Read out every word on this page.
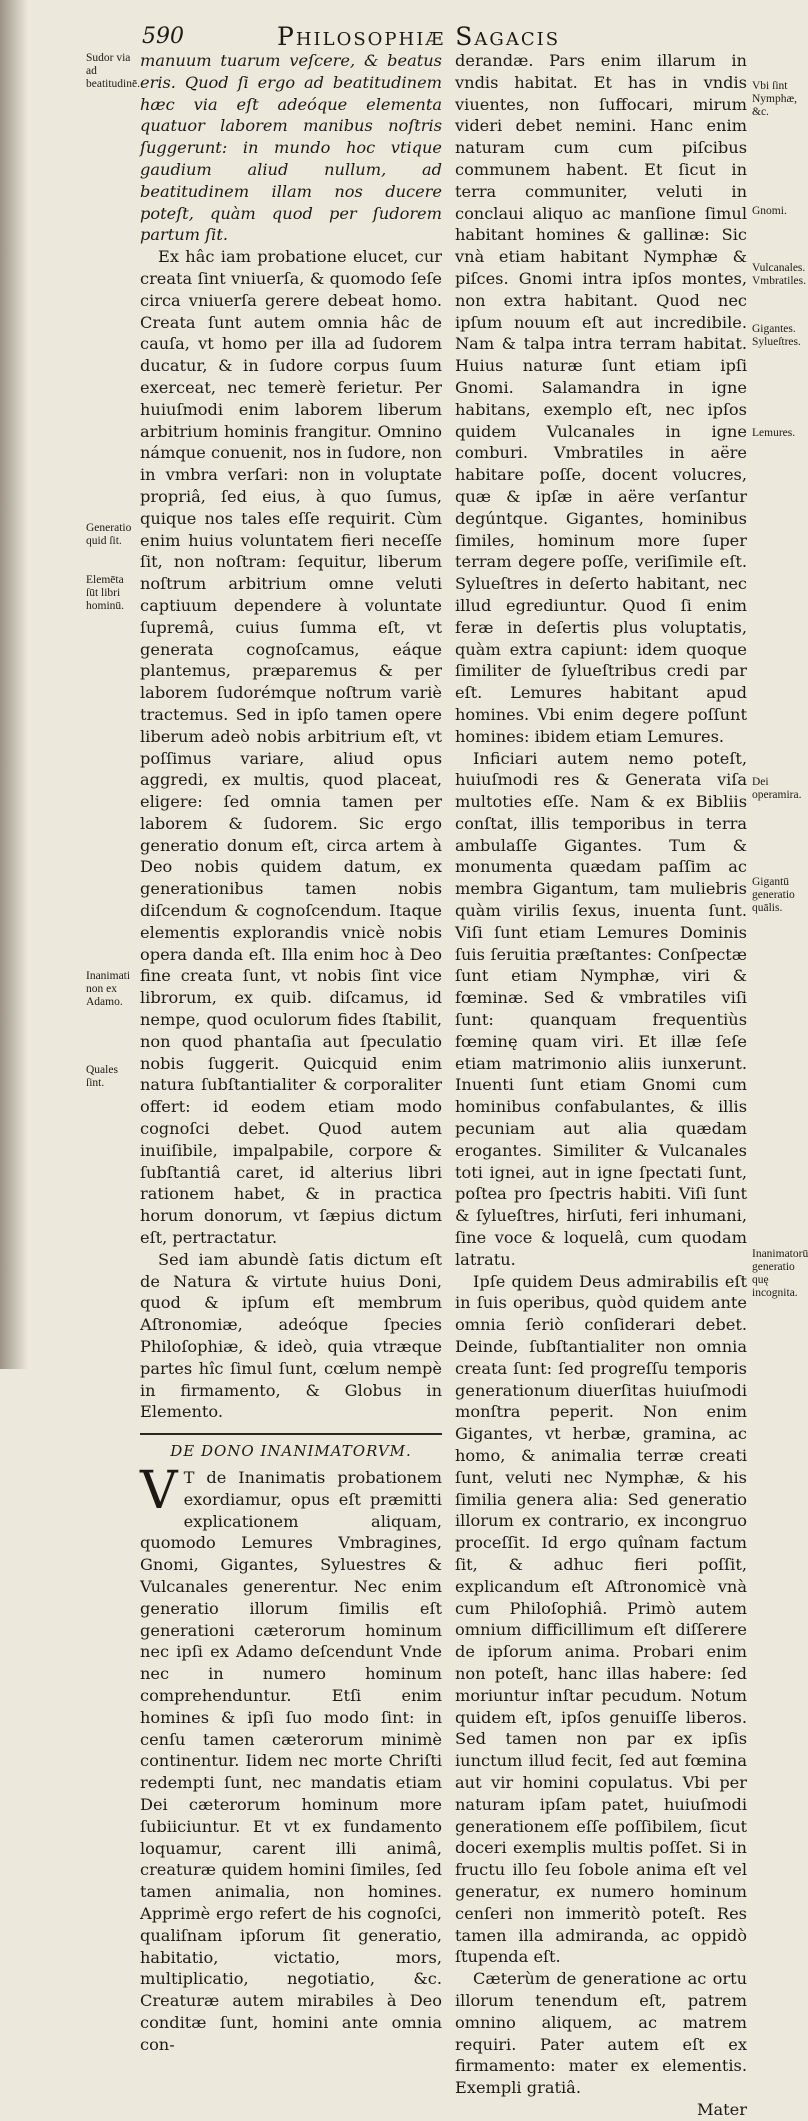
590	Philosophiæ Sagacis

manuum tuarum veſcere, & beatus eris. Quod ſi ergo ad beatitudinem hæc via eſt adeóque elementa quatuor laborem manibus noſtris ſuggerunt: in mundo hoc vtique gaudium aliud nullum, ad beatitudinem illam nos ducere poteſt, quàm quod per ſudorem partum ſit.

Ex hâc iam probatione elucet, cur creata ſint vniuerſa, & quomodo ſeſe circa vniuerſa gerere debeat homo. Creata ſunt autem omnia hâc de cauſa, vt homo per illa ad ſudorem ducatur, & in ſudore corpus ſuum exerceat, nec temerè ferietur. Per huiuſmodi enim laborem liberum arbitrium hominis frangitur. Omnino námque conuenit, nos in ſudore, non in vmbra verſari: non in voluptate propriâ, ſed eius, à quo ſumus, quique nos tales eſſe requirit. Cùm enim huius voluntatem fieri neceſſe ſit, non noſtram: ſequitur, liberum noſtrum arbitrium omne veluti captiuum dependere à voluntate ſupremâ, cuius ſumma eſt, vt generata cognoſcamus, eáque plantemus, præparemus & per laborem ſudorémque noſtrum variè tractemus. Sed in ipſo tamen opere liberum adeò nobis arbitrium eſt, vt poſſimus variare, aliud opus aggredi, ex multis, quod placeat, eligere: ſed omnia tamen per laborem & ſudorem. Sic ergo generatio donum eſt, circa artem à Deo nobis quidem datum, ex generationibus tamen nobis diſcendum & cognoſcendum. Itaque elementis explorandis vnicè nobis opera danda eſt. Illa enim hoc à Deo fine creata ſunt, vt nobis ſint vice librorum, ex quib. diſcamus, id nempe, quod oculorum fides ſtabilit, non quod phantaſia aut ſpeculatio nobis ſuggerit. Quicquid enim natura ſubſtantialiter & corporaliter offert: id eodem etiam modo cognoſci debet. Quod autem inuiſibile, impalpabile, corpore & ſubſtantiâ caret, id alterius libri rationem habet, & in practica horum donorum, vt ſæpius dictum eſt, pertractatur.

Sed iam abundè ſatis dictum eſt de Natura & virtute huius Doni, quod & ipſum eſt membrum Aſtronomiæ, adeóque ſpecies Philoſophiæ, & ideò, quia vtræque partes hîc ſimul ſunt, cœlum nempè in firmamento, & Globus in Elemento.

DE DONO INANIMATORVM.

V T de Inanimatis probationem exordiamur, opus eſt præmitti explicationem aliquam, quomodo Lemures Vmbragines, Gnomi, Gigantes, Syluestres & Vulcanales generentur. Nec enim generatio illorum ſimilis eſt generationi cæterorum hominum nec ipſi ex Adamo deſcendunt Vnde nec in numero hominum comprehenduntur. Etſi enim homines & ipſi ſuo modo ſint: in cenſu tamen cæterorum minimè continentur. Iidem nec morte Chriſti redempti ſunt, nec mandatis etiam Dei cæterorum hominum more ſubiiciuntur. Et vt ex fundamento loquamur, carent illi animâ, creaturæ quidem homini ſimiles, ſed tamen animalia, non homines. Apprimè ergo refert de his cognoſci, qualiſnam ipſorum ſit generatio, habitatio, victatio, mors, multiplicatio, negotiatio, &c. Creaturæ autem mirabiles à Deo conditæ ſunt, homini ante omnia con-

derandæ. Pars enim illarum in vndis habitat. Et has in vndis viuentes, non ſuffocari, mirum videri debet nemini. Hanc enim naturam cum cum piſcibus communem habent. Et ſicut in terra communiter, veluti in conclaui aliquo ac manſione ſimul habitant homines & gallinæ: Sic vnà etiam habitant Nymphæ & piſces. Gnomi intra ipſos montes, non extra habitant. Quod nec ipſum nouum eſt aut incredibile. Nam & talpa intra terram habitat. Huius naturæ ſunt etiam ipſi Gnomi. Salamandra in igne habitans, exemplo eſt, nec ipſos quidem Vulcanales in igne comburi. Vmbratiles in aëre habitare poſſe, docent volucres, quæ & ipſæ in aëre verſantur degúntque. Gigantes, hominibus ſimiles, hominum more ſuper terram degere poſſe, veriſimile eſt. Sylueſtres in deſerto habitant, nec illud egrediuntur. Quod ſi enim feræ in deſertis plus voluptatis, quàm extra capiunt: idem quoque ſimiliter de ſylueſtribus credi par eſt. Lemures habitant apud homines. Vbi enim degere poſſunt homines: ibidem etiam Lemures.

Inficiari autem nemo poteſt, huiuſmodi res & Generata viſa multoties eſſe. Nam & ex Bibliis conſtat, illis temporibus in terra ambulaſſe Gigantes. Tum & monumenta quædam paſſim ac membra Gigantum, tam muliebris quàm virilis ſexus, inuenta ſunt. Viſi ſunt etiam Lemures Dominis ſuis ſeruitia præſtantes: Conſpectæ ſunt etiam Nymphæ, viri & fœminæ. Sed & vmbratiles viſi ſunt: quanquam frequentiùs fœminę quam viri. Et illæ ſeſe etiam matrimonio aliis iunxerunt. Inuenti ſunt etiam Gnomi cum hominibus confabulantes, & illis pecuniam aut alia quædam erogantes. Similiter & Vulcanales toti ignei, aut in igne ſpectati ſunt, poſtea pro ſpectris habiti. Viſi ſunt & ſylueſtres, hirſuti, feri inhumani, ſine voce & loquelâ, cum quodam latratu.

Ipſe quidem Deus admirabilis eſt in ſuis operibus, quòd quidem ante omnia ſeriò conſiderari debet. Deinde, ſubſtantialiter non omnia creata ſunt: ſed progreſſu temporis generationum diuerſitas huiuſmodi monſtra peperit. Non enim Gigantes, vt herbæ, gramina, ac homo, & animalia terræ creati ſunt, veluti nec Nymphæ, & his ſimilia genera alia: Sed generatio illorum ex contrario, ex incongruo proceſſit. Id ergo quînam factum ſit, & adhuc fieri poſſit, explicandum eſt Aſtronomicè vnà cum Philoſophiâ. Primò autem omnium difficillimum eſt diſſerere de ipſorum anima. Probari enim non poteſt, hanc illas habere: ſed moriuntur inſtar pecudum. Notum quidem eſt, ipſos genuiſſe liberos. Sed tamen non par ex ipſis iunctum illud fecit, ſed aut fœmina aut vir homini copulatus. Vbi per naturam ipſam patet, huiuſmodi generationem eſſe poſſibilem, ſicut doceri exemplis multis poſſet. Si in fructu illo ſeu ſobole anima eſt vel generatur, ex numero hominum cenſeri non immeritò poteſt. Res tamen illa admiranda, ac oppidò ſtupenda eſt.

Cæterùm de generatione ac ortu illorum tenendum eſt, patrem omnino aliquem, ac matrem requiri. Pater autem eſt ex firmamento: mater ex elementis. Exempli gratiâ.

Mater

Sudor via ad beatitudinē.
Generatio quid ſit.
Elemēta ſūt libri hominū.
Inanimati non ex Adamo.
Quales ſint.
Vbi ſint Nymphæ, &c.
Gnomi.
Vulcanales. Vmbratiles.
Gigantes. Sylueſtres.
Lemures.
Dei operamira.
Gigantū generatio quālis.
Inanimatorū generatio quę incognita.
